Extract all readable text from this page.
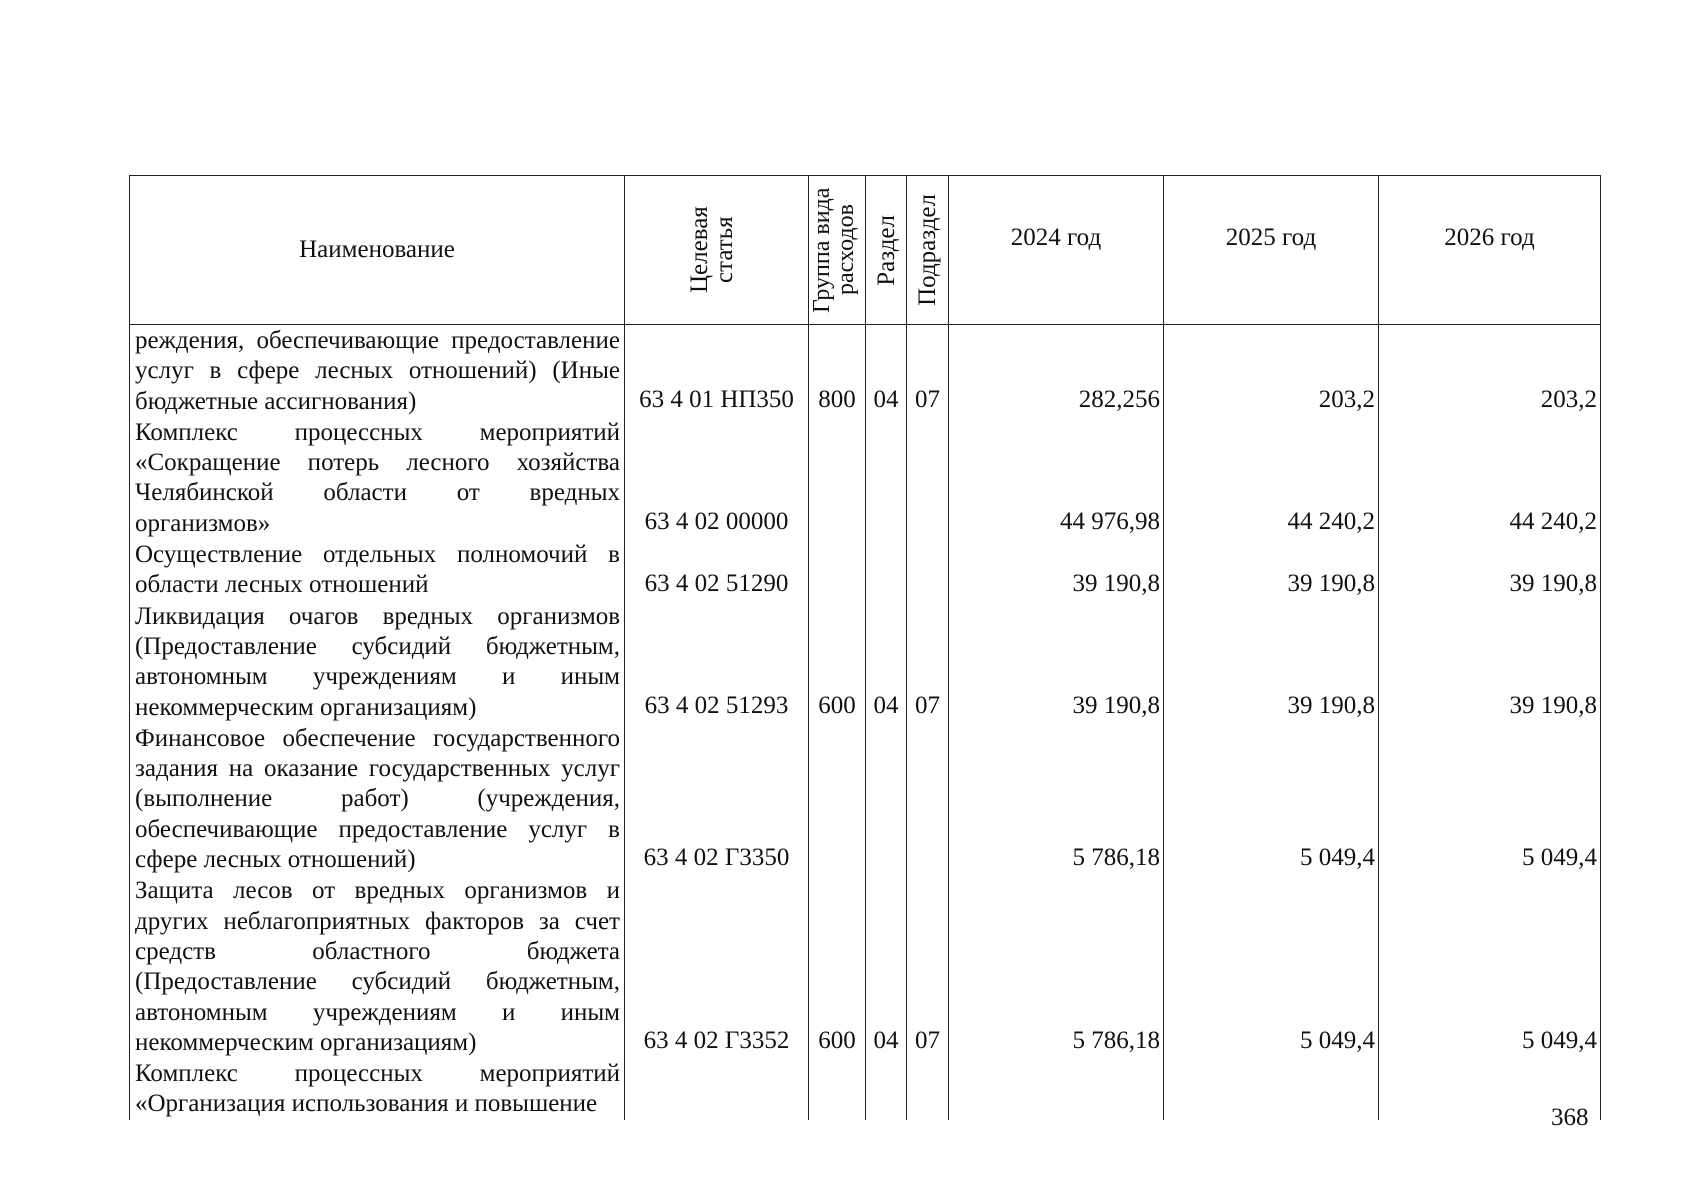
Наименование	Целевая статья	Группа вида расходов	Раздел	Подраздел	2024 год	2025 год	2026 год
реждения, обеспечивающие предоставление услуг в сфере лесных отношений) (Иные бюджетные ассигнования)	63 4 01 НП350	800	04	07	282,256	203,2	203,2
Комплекс процессных мероприятий «Сокращение потерь лесного хозяйства Челябинской области от вредных организмов»	63 4 02 00000				44 976,98	44 240,2	44 240,2
Осуществление отдельных полномочий в области лесных отношений	63 4 02 51290				39 190,8	39 190,8	39 190,8
Ликвидация очагов вредных организмов (Предоставление субсидий бюджетным, автономным учреждениям и иным некоммерческим организациям)	63 4 02 51293	600	04	07	39 190,8	39 190,8	39 190,8
Финансовое обеспечение государственного задания на оказание государственных услуг (выполнение работ) (учреждения, обеспечивающие предоставление услуг в сфере лесных отношений)	63 4 02 Г3350				5 786,18	5 049,4	5 049,4
Защита лесов от вредных организмов и других неблагоприятных факторов за счет средств областного бюджета (Предоставление субсидий бюджетным, автономным учреждениям и иным некоммерческим организациям)	63 4 02 Г3352	600	04	07	5 786,18	5 049,4	5 049,4
Комплекс процессных мероприятий «Организация использования и повышение							
368
